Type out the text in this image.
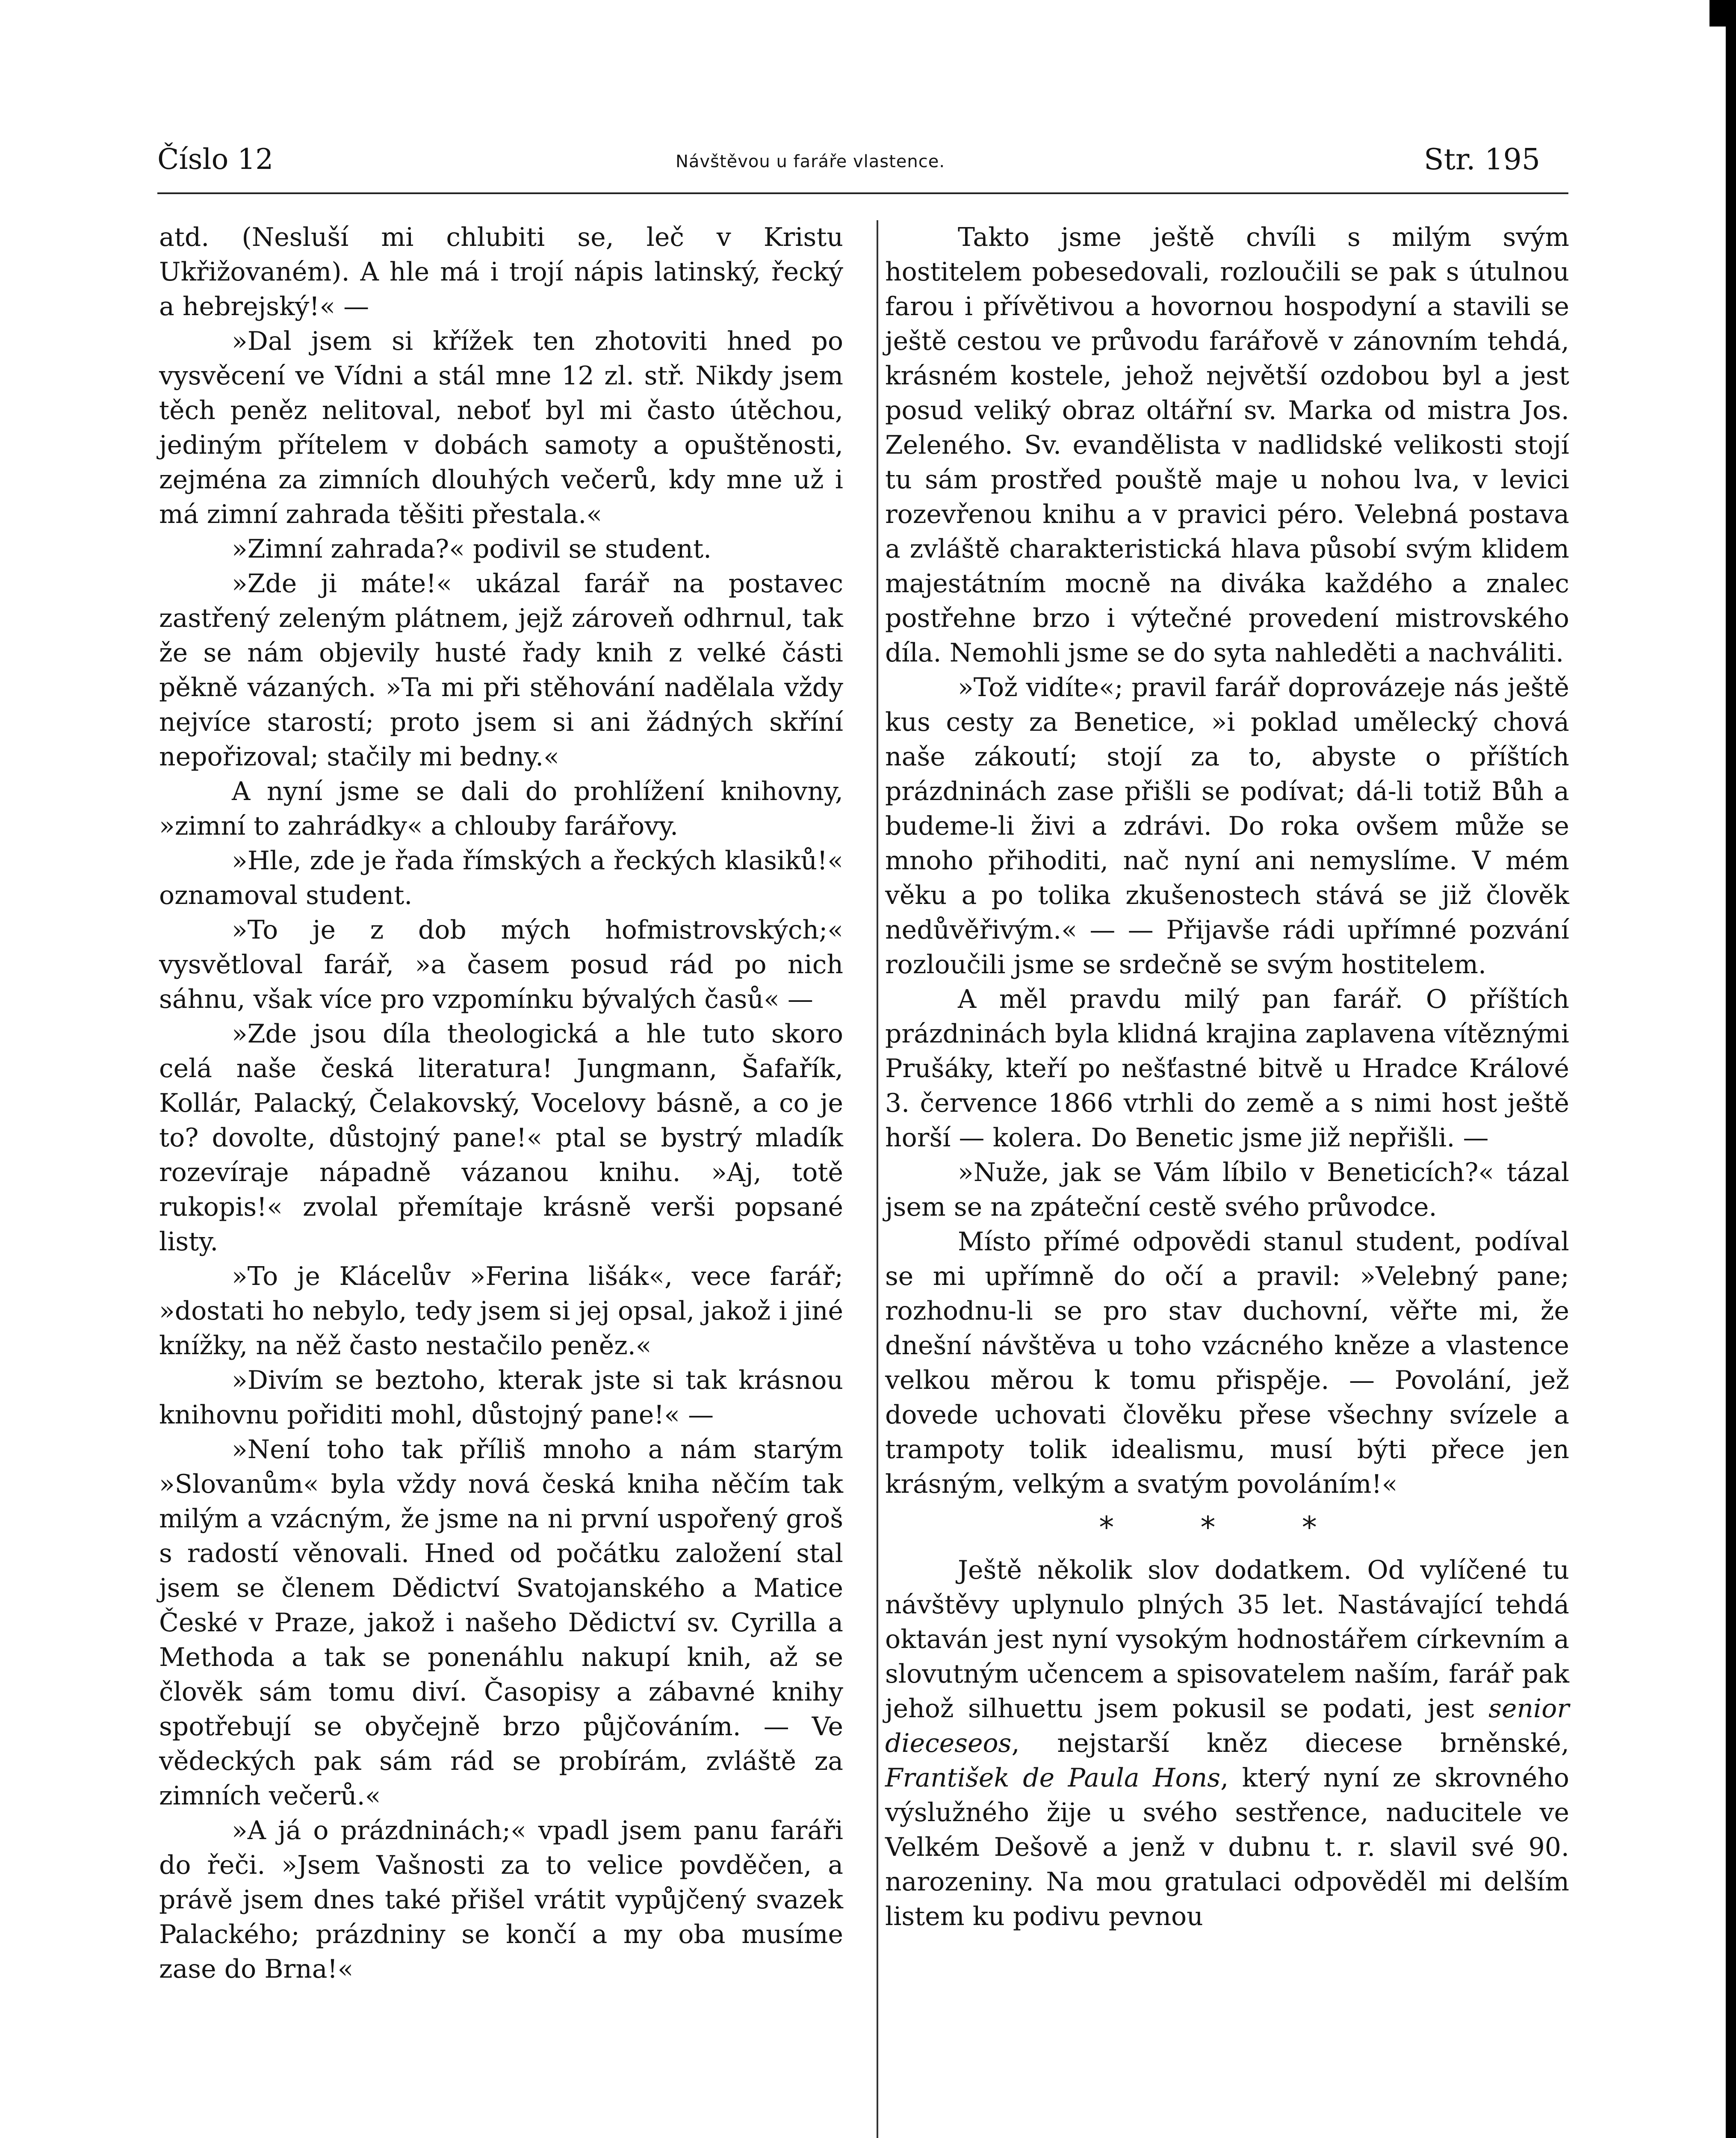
Číslo 12	Návštěvou u faráře vlastence.	Str. 195

atd. (Nesluší mi chlubiti se, leč v Kristu Ukřižovaném). A hle má i trojí nápis latinský, řecký a hebrejský!« —

»Dal jsem si křížek ten zhotoviti hned po vysvěcení ve Vídni a stál mne 12 zl. stř. Nikdy jsem těch peněz nelitoval, neboť byl mi často útěchou, jediným přítelem v dobách samoty a opuštěnosti, zejména za zimních dlouhých večerů, kdy mne už i má zimní zahrada těšiti přestala.«

»Zimní zahrada?« podivil se student.

»Zde ji máte!« ukázal farář na postavec zastřený zeleným plátnem, jejž zároveň odhrnul, tak že se nám objevily husté řady knih z velké části pěkně vázaných. »Ta mi při stěhování nadělala vždy nejvíce starostí; proto jsem si ani žádných skříní nepořizoval; stačily mi bedny.«

A nyní jsme se dali do prohlížení knihovny, »zimní to zahrádky« a chlouby farářovy.

»Hle, zde je řada římských a řeckých klasiků!« oznamoval student.

»To je z dob mých hofmistrovských;« vysvětloval farář, »a časem posud rád po nich sáhnu, však více pro vzpomínku bývalých časů« —

»Zde jsou díla theologická a hle tuto skoro celá naše česká literatura! Jungmann, Šafařík, Kollár, Palacký, Čelakovský, Vocelovy básně, a co je to? dovolte, důstojný pane!« ptal se bystrý mladík rozevíraje nápadně vázanou knihu. »Aj, totě rukopis!« zvolal přemítaje krásně verši popsané listy.

»To je Klácelův »Ferina lišák«, vece farář; »dostati ho nebylo, tedy jsem si jej opsal, jakož i jiné knížky, na něž často nestačilo peněz.«

»Divím se beztoho, kterak jste si tak krásnou knihovnu pořiditi mohl, důstojný pane!« —

»Není toho tak příliš mnoho a nám starým »Slovanům« byla vždy nová česká kniha něčím tak milým a vzácným, že jsme na ni první uspořený groš s radostí věnovali. Hned od počátku založení stal jsem se členem Dědictví Svatojanského a Matice České v Praze, jakož i našeho Dědictví sv. Cyrilla a Methoda a tak se ponenáhlu nakupí knih, až se člověk sám tomu diví. Časopisy a zábavné knihy spotřebují se obyčejně brzo půjčováním. — Ve vědeckých pak sám rád se probírám, zvláště za zimních večerů.«

»A já o prázdninách;« vpadl jsem panu faráři do řeči. »Jsem Vašnosti za to velice povděčen, a právě jsem dnes také přišel vrátit vypůjčený svazek Palackého; prázdniny se končí a my oba musíme zase do Brna!«

Takto jsme ještě chvíli s milým svým hostitelem pobesedovali, rozloučili se pak s útulnou farou i přívětivou a hovornou hospodyní a stavili se ještě cestou ve průvodu farářově v zánovním tehdá, krásném kostele, jehož největší ozdobou byl a jest posud veliký obraz oltářní sv. Marka od mistra Jos. Zeleného. Sv. evandělista v nadlidské velikosti stojí tu sám prostřed pouště maje u nohou lva, v levici rozevřenou knihu a v pravici péro. Velebná postava a zvláště charakteristická hlava působí svým klidem majestátním mocně na diváka každého a znalec postřehne brzo i výtečné provedení mistrovského díla. Nemohli jsme se do syta nahleděti a nachváliti.

»Tož vidíte«; pravil farář doprovázeje nás ještě kus cesty za Benetice, »i poklad umělecký chová naše zákoutí; stojí za to, abyste o příštích prázdninách zase přišli se podívat; dá-li totiž Bůh a budeme-li živi a zdrávi. Do roka ovšem může se mnoho přihoditi, nač nyní ani nemyslíme. V mém věku a po tolika zkušenostech stává se již člověk nedůvěřivým.« — — Přijavše rádi upřímné pozvání rozloučili jsme se srdečně se svým hostitelem.

A měl pravdu milý pan farář. O příštích prázdninách byla klidná krajina zaplavena vítěznými Prušáky, kteří po nešťastné bitvě u Hradce Králové 3. července 1866 vtrhli do země a s nimi host ještě horší — kolera. Do Benetic jsme již nepřišli. —

»Nuže, jak se Vám líbilo v Beneticích?« tázal jsem se na zpáteční cestě svého průvodce.

Místo přímé odpovědi stanul student, podíval se mi upřímně do očí a pravil: »Velebný pane; rozhodnu-li se pro stav duchovní, věřte mi, že dnešní návštěva u toho vzácného kněze a vlastence velkou měrou k tomu přispěje. — Povolání, jež dovede uchovati člověku přese všechny svízele a trampoty tolik idealismu, musí býti přece jen krásným, velkým a svatým povoláním!«

* * *

Ještě několik slov dodatkem. Od vylíčené tu návštěvy uplynulo plných 35 let. Nastávající tehdá oktaván jest nyní vysokým hodnostářem církevním a slovutným učencem a spisovatelem naším, farář pak jehož silhuettu jsem pokusil se podati, jest senior dieceseos, nejstarší kněz diecese brněnské, František de Paula Hons, který nyní ze skrovného výslužného žije u svého sestřence, naducitele ve Velkém Dešově a jenž v dubnu t. r. slavil své 90. narozeniny. Na mou gratulaci odpověděl mi delším listem ku podivu pevnou
